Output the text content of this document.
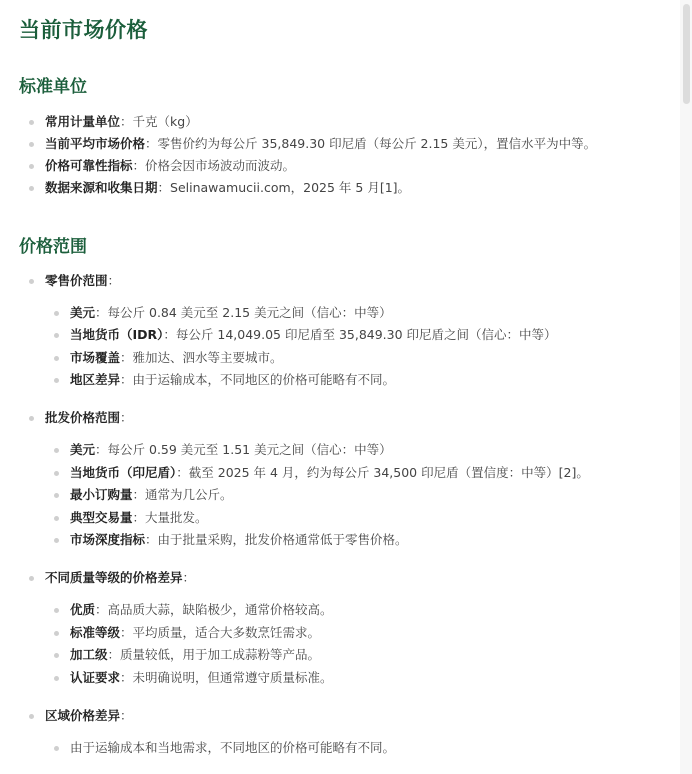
当前市场价格
标准单位
常用计量单位：千克（kg）
当前平均市场价格：零售价约为每公斤 35,849.30 印尼盾（每公斤 2.15 美元），置信水平为中等。
价格可靠性指标：价格会因市场波动而波动。
数据来源和收集日期：Selinawamucii.com，2025 年 5 月[1]。
价格范围
零售价范围：
美元：每公斤 0.84 美元至 2.15 美元之间（信心：中等）
当地货币（IDR）：每公斤 14,049.05 印尼盾至 35,849.30 印尼盾之间（信心：中等）
市场覆盖：雅加达、泗水等主要城市。
地区差异：由于运输成本，不同地区的价格可能略有不同。
批发价格范围：
美元：每公斤 0.59 美元至 1.51 美元之间（信心：中等）
当地货币（印尼盾）：截至 2025 年 4 月，约为每公斤 34,500 印尼盾（置信度：中等）[2]。
最小订购量：通常为几公斤。
典型交易量：大量批发。
市场深度指标：由于批量采购，批发价格通常低于零售价格。
不同质量等级的价格差异：
优质：高品质大蒜，缺陷极少，通常价格较高。
标准等级：平均质量，适合大多数烹饪需求。
加工级：质量较低，用于加工成蒜粉等产品。
认证要求：未明确说明，但通常遵守质量标准。
区域价格差异：
由于运输成本和当地需求，不同地区的价格可能略有不同。
